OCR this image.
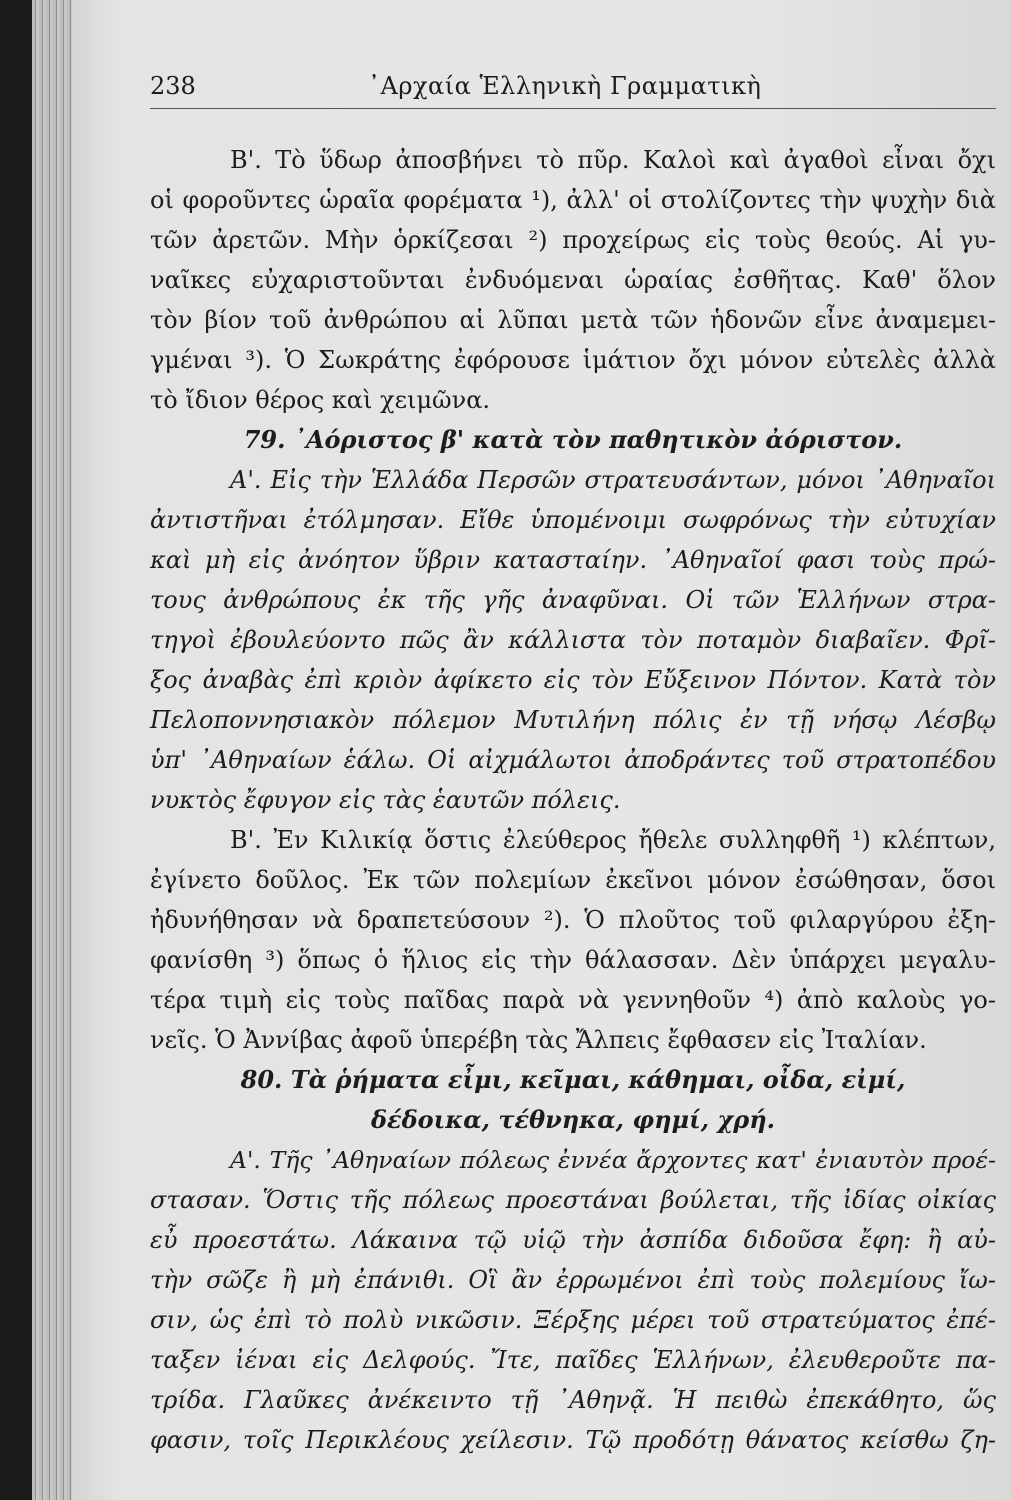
238	᾿Αρχαία Ἑλληνικὴ Γραμματικὴ
Β'. Τὸ ὕδωρ ἀποσβήνει τὸ πῦρ. Καλοὶ καὶ ἀγαθοὶ εἶναι ὄχι
οἱ φοροῦντες ὡραῖα φορέματα ¹), ἀλλ' οἱ στολίζοντες τὴν ψυχὴν διὰ
τῶν ἀρετῶν. Μὴν ὁρκίζεσαι ²) προχείρως εἰς τοὺς θεούς. Αἱ γυ-
ναῖκες εὐχαριστοῦνται ἐνδυόμεναι ὡραίας ἐσθῆτας. Καθ' ὅλον
τὸν βίον τοῦ ἀνθρώπου αἱ λῦπαι μετὰ τῶν ἡδονῶν εἶνε ἀναμεμει-
γμέναι ³). Ὁ Σωκράτης ἐφόρουσε ἱμάτιον ὄχι μόνον εὐτελὲς ἀλλὰ
τὸ ἴδιον θέρος καὶ χειμῶνα.
79. ᾿Αόριστος β' κατὰ τὸν παθητικὸν ἀόριστον.
Α'. Εἰς τὴν Ἑλλάδα Περσῶν στρατευσάντων, μόνοι ᾿Αθηναῖοι
ἀντιστῆναι ἐτόλμησαν. Εἴθε ὑπομένοιμι σωφρόνως τὴν εὐτυχίαν
καὶ μὴ εἰς ἀνόητον ὕβριν κατασταίην. ᾿Αθηναῖοί φασι τοὺς πρώ-
τους ἀνθρώπους ἐκ τῆς γῆς ἀναφῦναι. Οἱ τῶν Ἑλλήνων στρα-
τηγοὶ ἐβουλεύοντο πῶς ἂν κάλλιστα τὸν ποταμὸν διαβαῖεν. Φρῖ-
ξος ἀναβὰς ἐπὶ κριὸν ἀφίκετο εἰς τὸν Εὔξεινον Πόντον. Κατὰ τὸν
Πελοποννησιακὸν πόλεμον Μυτιλήνη πόλις ἐν τῇ νήσῳ Λέσβῳ
ὑπ' ᾿Αθηναίων ἑάλω. Οἱ αἰχμάλωτοι ἀποδράντες τοῦ στρατοπέδου
νυκτὸς ἔφυγον εἰς τὰς ἑαυτῶν πόλεις.
Β'. Ἐν Κιλικίᾳ ὅστις ἐλεύθερος ἤθελε συλληφθῆ ¹) κλέπτων,
ἐγίνετο δοῦλος. Ἐκ τῶν πολεμίων ἐκεῖνοι μόνον ἐσώθησαν, ὅσοι
ἠδυνήθησαν νὰ δραπετεύσουν ²). Ὁ πλοῦτος τοῦ φιλαργύρου ἐξη-
φανίσθη ³) ὅπως ὁ ἥλιος εἰς τὴν θάλασσαν. Δὲν ὑπάρχει μεγαλυ-
τέρα τιμὴ εἰς τοὺς παῖδας παρὰ νὰ γεννηθοῦν ⁴) ἀπὸ καλοὺς γο-
νεῖς. Ὁ Ἀννίβας ἀφοῦ ὑπερέβη τὰς Ἄλπεις ἔφθασεν εἰς Ἰταλίαν.
80. Τὰ ῥήματα εἶμι, κεῖμαι, κάθημαι, οἶδα, εἰμί,
δέδοικα, τέθνηκα, φημί, χρή.
Α'. Τῆς ᾿Αθηναίων πόλεως ἐννέα ἄρχοντες κατ' ἐνιαυτὸν προέ-
στασαν. Ὅστις τῆς πόλεως προεστάναι βούλεται, τῆς ἰδίας οἰκίας
εὖ προεστάτω. Λάκαινα τῷ υἱῷ τὴν ἀσπίδα διδοῦσα ἔφη: ἢ αὐ-
τὴν σῶζε ἢ μὴ ἐπάνιθι. Οἳ ἂν ἐρρωμένοι ἐπὶ τοὺς πολεμίους ἴω-
σιν, ὡς ἐπὶ τὸ πολὺ νικῶσιν. Ξέρξης μέρει τοῦ στρατεύματος ἐπέ-
ταξεν ἰέναι εἰς Δελφούς. Ἴτε, παῖδες Ἑλλήνων, ἐλευθεροῦτε πα-
τρίδα. Γλαῦκες ἀνέκειντο τῇ ᾿Αθηνᾷ. Ἡ πειθὼ ἐπεκάθητο, ὥς
φασιν, τοῖς Περικλέους χείλεσιν. Τῷ προδότῃ θάνατος κείσθω ζη-
